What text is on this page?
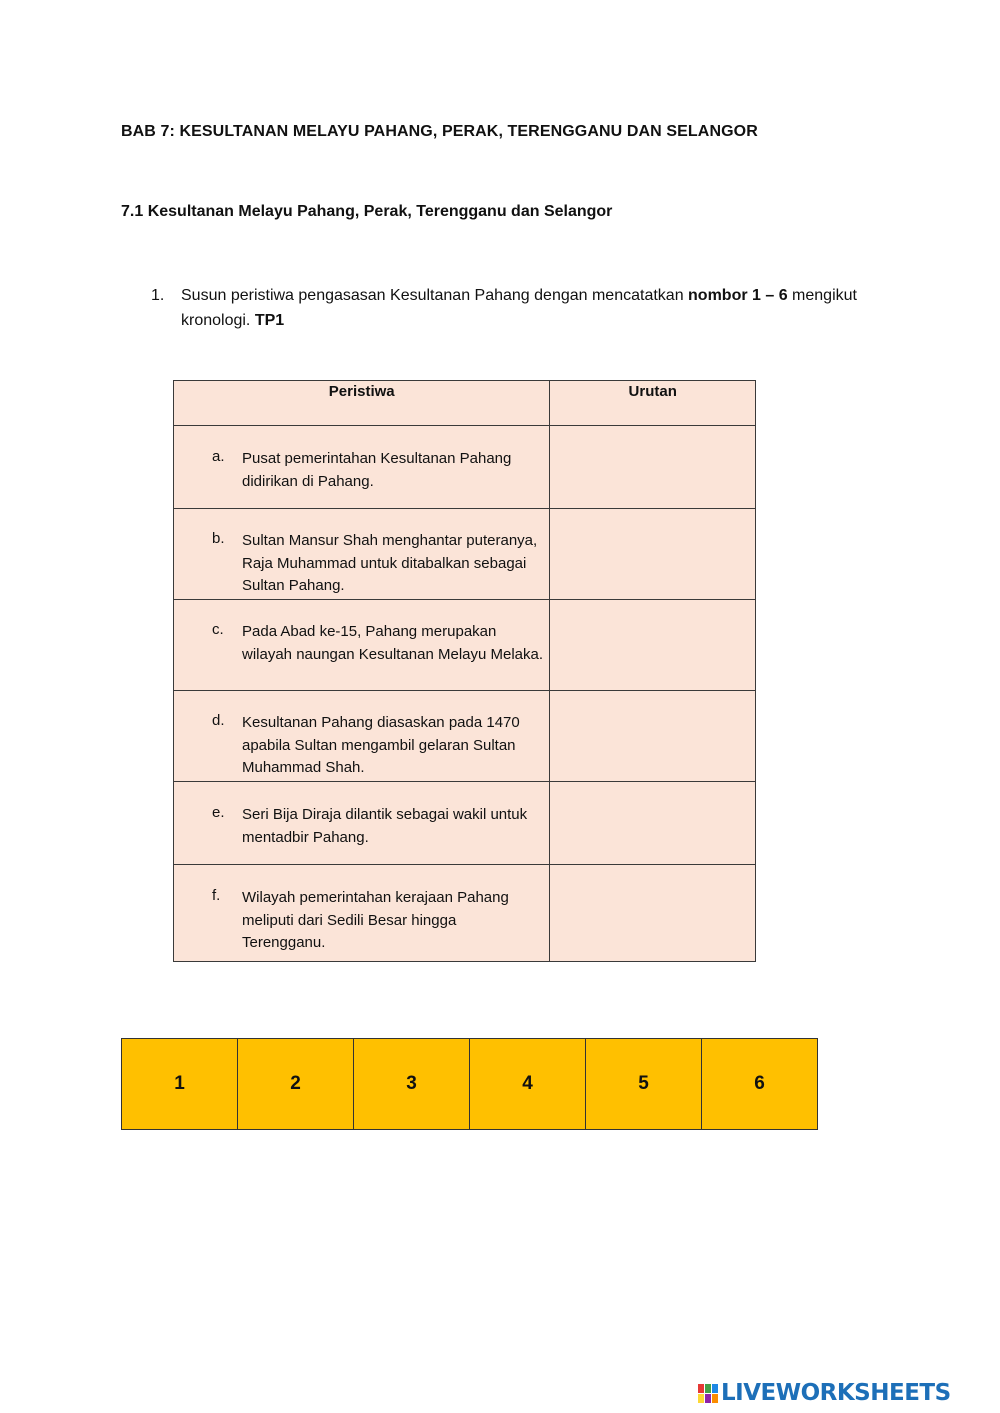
BAB 7: KESULTANAN MELAYU PAHANG, PERAK, TERENGGANU DAN SELANGOR
7.1 Kesultanan Melayu Pahang, Perak, Terengganu dan Selangor
1. Susun peristiwa pengasasan Kesultanan Pahang dengan mencatatkan nombor 1 – 6 mengikut kronologi. TP1
Peristiwa	Urutan

a. Pusat pemerintahan Kesultanan Pahang didirikan di Pahang.	

b. Sultan Mansur Shah menghantar puteranya, Raja Muhammad untuk ditabalkan sebagai Sultan Pahang.	

c. Pada Abad ke-15, Pahang merupakan wilayah naungan Kesultanan Melayu Melaka.	

d. Kesultanan Pahang diasaskan pada 1470 apabila Sultan mengambil gelaran Sultan Muhammad Shah.	

e. Seri Bija Diraja dilantik sebagai wakil untuk mentadbir Pahang.	

f. Wilayah pemerintahan kerajaan Pahang meliputi dari Sedili Besar hingga Terengganu.	

1	2	3	4	5	6
LIVEWORKSHEETS
